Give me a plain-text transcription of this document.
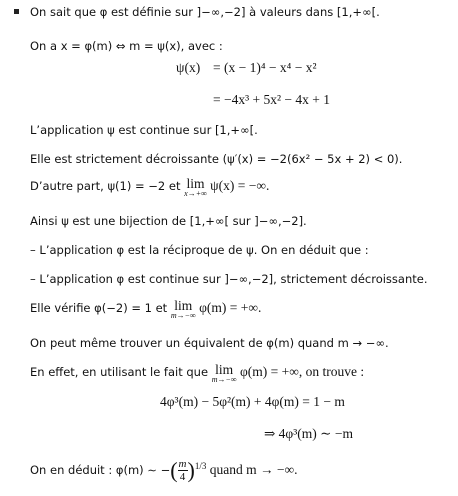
On sait que φ est définie sur ]−∞,−2] à valeurs dans [1,+∞[.
On a x = φ(m) ⇔ m = ψ(x), avec :
ψ(x) = (x − 1)⁴ − x⁴ − x²
= −4x³ + 5x² − 4x + 1
L’application ψ est continue sur [1,+∞[.
Elle est strictement décroissante (ψ′(x) = −2(6x² − 5x + 2) < 0).
D’autre part, ψ(1) = −2 et lim
x→+∞
ψ(x) = −∞.
Ainsi ψ est une bijection de [1,+∞[ sur ]−∞,−2].
– L’application φ est la réciproque de ψ. On en déduit que :
– L’application φ est continue sur ]−∞,−2], strictement décroissante.
Elle vérifie φ(−2) = 1 et lim
m→−∞
φ(m) = +∞.
On peut même trouver un équivalent de φ(m) quand m → −∞.
En effet, en utilisant le fait que lim
m→−∞
φ(m) = +∞, on trouve :
4φ³(m) − 5φ²(m) + 4φ(m) = 1 − m
⇒ 4φ³(m) ∼ −m
On en déduit : φ(m) ∼ −( $\frac{m}{4} )^{1/3}$ quand m → −∞.
